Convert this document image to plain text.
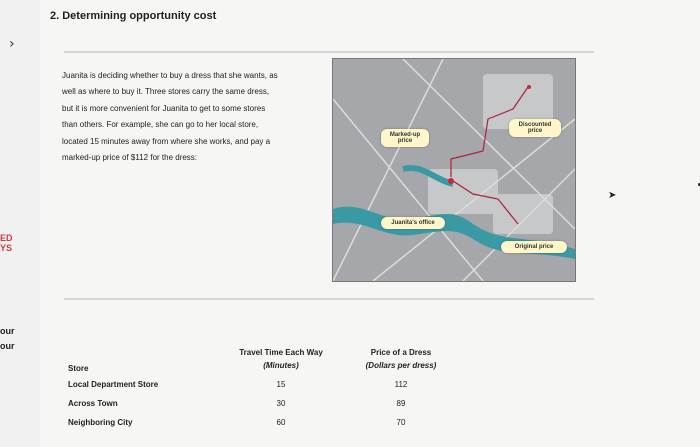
›
ED
YS
our
our
2. Determining opportunity cost
Juanita is deciding whether to buy a dress that she wants, as
well as where to buy it. Three stores carry the same dress,
but it is more convenient for Juanita to get to some stores
than others. For example, she can go to her local store,
located 15 minutes away from where she works, and pay a
marked-up price of $112 for the dress:
Marked-up price
Discounted price
Juanita's office
Original price
Travel Time Each Way
(Minutes)
Price of a Dress
(Dollars per dress)
Store
Local Department Store	15	112
Across Town	30	89
Neighboring City	60	70
➤
